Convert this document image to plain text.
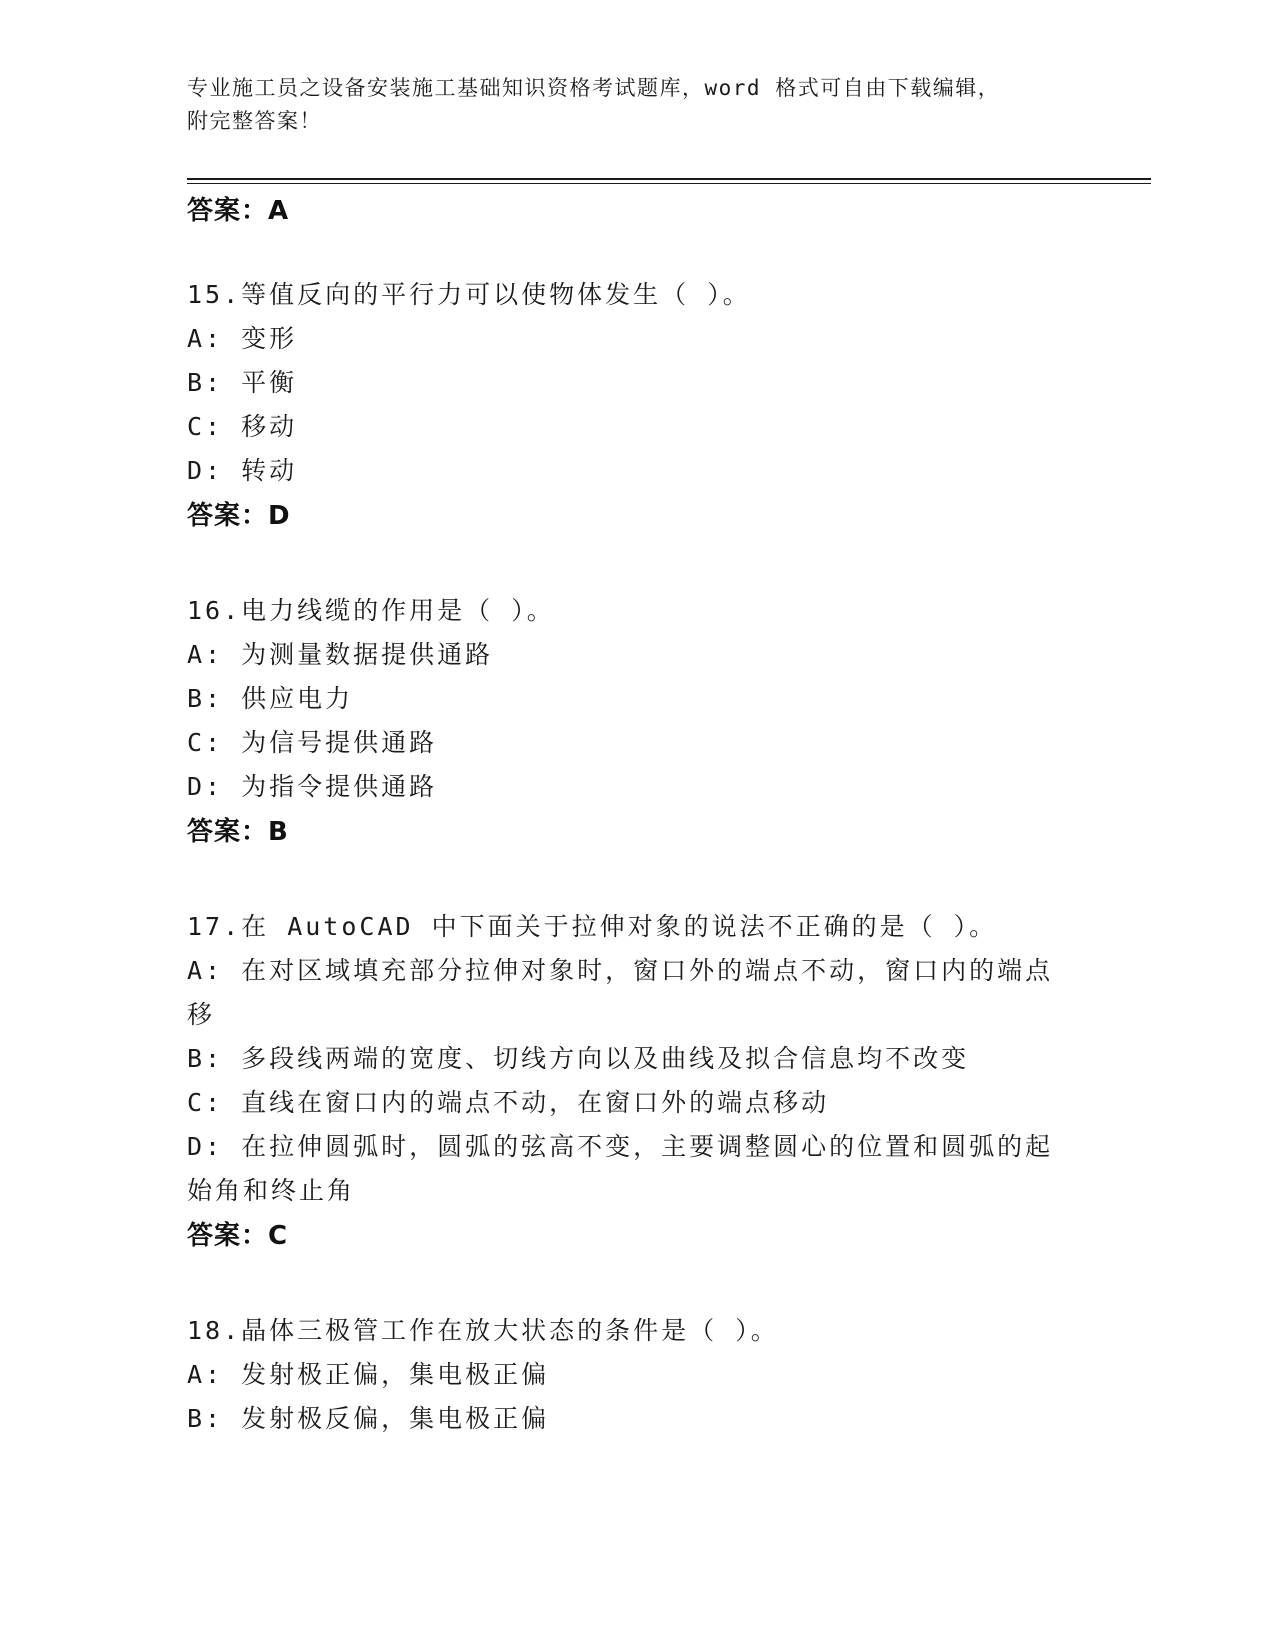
专业施工员之设备安装施工基础知识资格考试题库，word 格式可自由下载编辑，
附完整答案！
答案：A
15.等值反向的平行力可以使物体发生（ ）。
A: 变形
B: 平衡
C: 移动
D: 转动
答案：D
16.电力线缆的作用是（ ）。
A: 为测量数据提供通路
B: 供应电力
C: 为信号提供通路
D: 为指令提供通路
答案：B
17.在 AutoCAD 中下面关于拉伸对象的说法不正确的是（ ）。
A: 在对区域填充部分拉伸对象时，窗口外的端点不动，窗口内的端点
移
B: 多段线两端的宽度、切线方向以及曲线及拟合信息均不改变
C: 直线在窗口内的端点不动，在窗口外的端点移动
D: 在拉伸圆弧时，圆弧的弦高不变，主要调整圆心的位置和圆弧的起
始角和终止角
答案：C
18.晶体三极管工作在放大状态的条件是（ ）。
A: 发射极正偏，集电极正偏
B: 发射极反偏，集电极正偏
